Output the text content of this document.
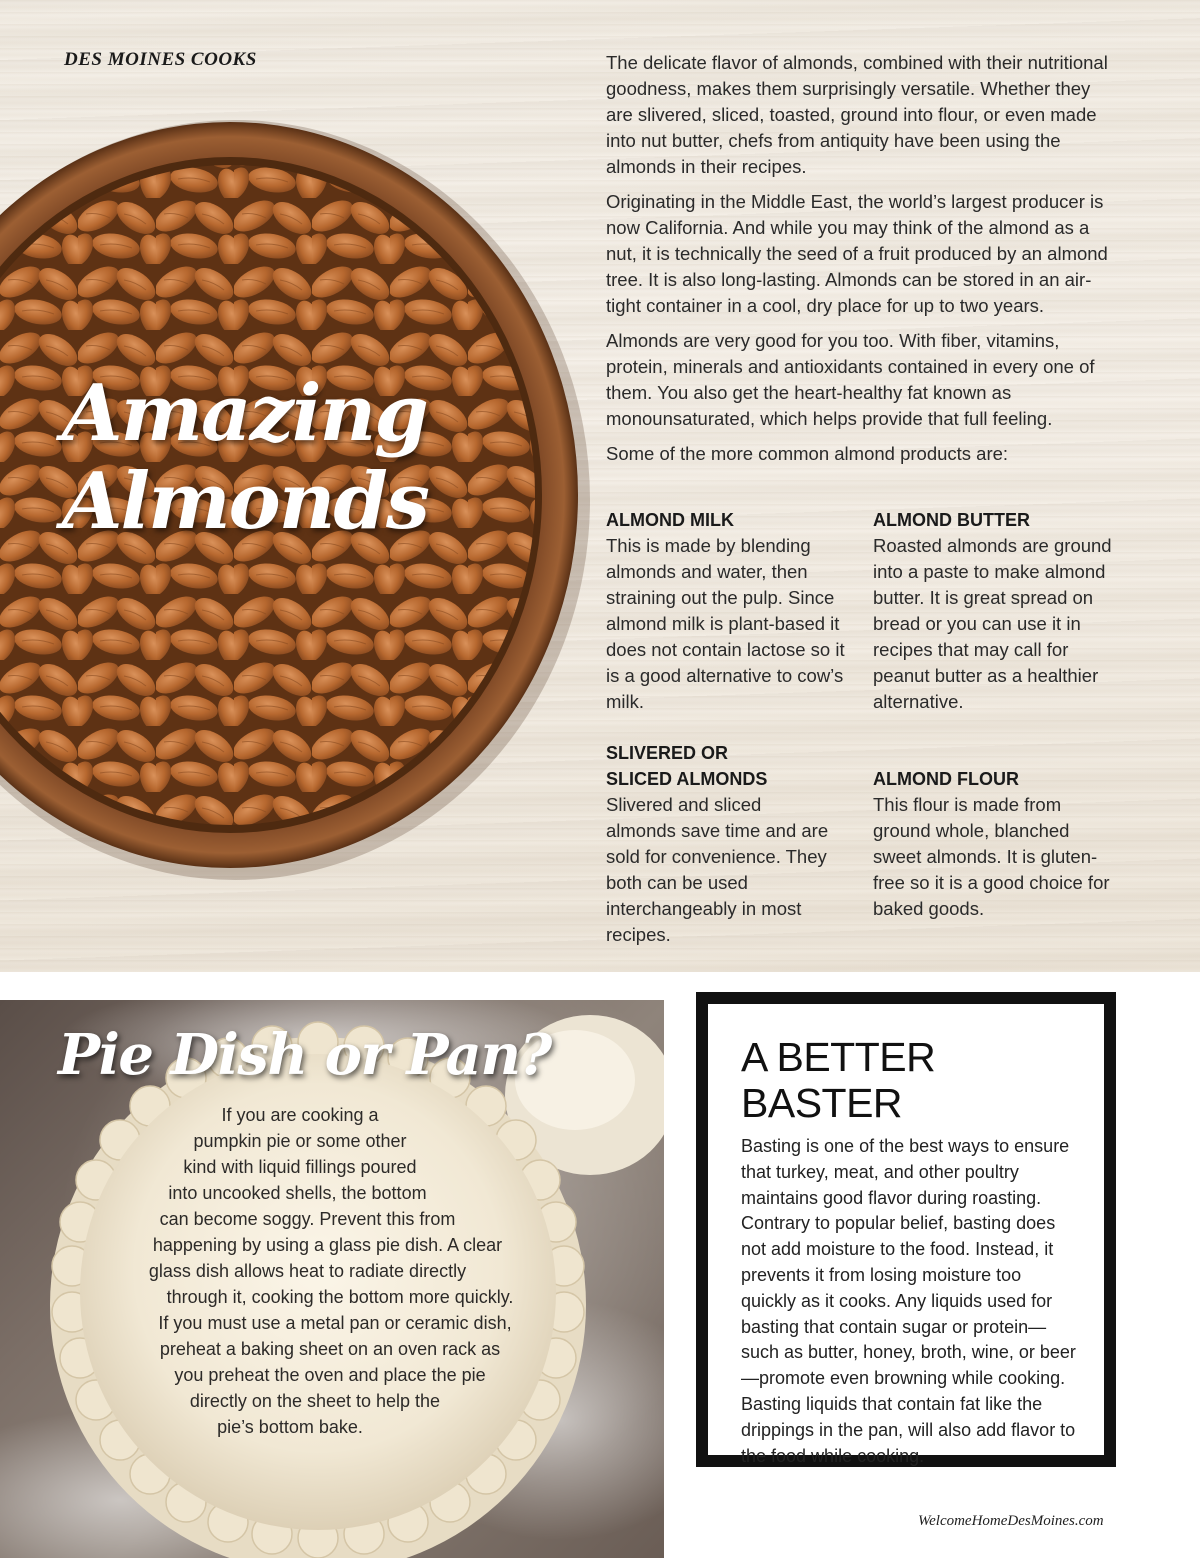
DES MOINES COOKS
Amazing
Almonds

The delicate flavor of almonds, combined with their nutritional goodness, makes them surprisingly versatile. Whether they are slivered, sliced, toasted, ground into flour, or even made into nut butter, chefs from antiquity have been using the almonds in their recipes.

Originating in the Middle East, the world’s largest producer is now California. And while you may think of the almond as a nut, it is technically the seed of a fruit produced by an almond tree. It is also long-lasting. Almonds can be stored in an air-tight container in a cool, dry place for up to two years.

Almonds are very good for you too. With fiber, vitamins, protein, minerals and antioxidants contained in every one of them. You also get the heart-healthy fat known as monounsaturated, which helps provide that full feeling.

Some of the more common almond products are:

ALMOND MILK
This is made by blending almonds and water, then straining out the pulp. Since almond milk is plant-based it does not contain lactose so it is a good alternative to cow’s milk.
ALMOND BUTTER
Roasted almonds are ground into a paste to make almond butter. It is great spread on bread or you can use it in recipes that may call for peanut butter as a healthier alternative.
SLIVERED OR SLICED ALMONDS
Slivered and sliced almonds save time and are sold for convenience. They both can be used interchangeably in most recipes.
ALMOND FLOUR
This flour is made from ground whole, blanched sweet almonds. It is gluten-free so it is a good choice for baked goods.
Pie Dish or Pan?
If you are cooking a
pumpkin pie or some other
kind with liquid fillings poured
into uncooked shells, the bottom
can become soggy. Prevent this from
happening by using a glass pie dish. A clear
glass dish allows heat to radiate directly
through it, cooking the bottom more quickly.
If you must use a metal pan or ceramic dish,
preheat a baking sheet on an oven rack as
you preheat the oven and place the pie
directly on the sheet to help the
pie’s bottom bake.
A BETTER BASTER

Basting is one of the best ways to ensure that turkey, meat, and other poultry maintains good flavor during roasting. Contrary to popular belief, basting does not add moisture to the food. Instead, it prevents it from losing moisture too quickly as it cooks. Any liquids used for basting that contain sugar or protein—such as butter, honey, broth, wine, or beer—promote even browning while cooking. Basting liquids that contain fat like the drippings in the pan, will also add flavor to the food while cooking.

WelcomeHomeDesMoines.com
